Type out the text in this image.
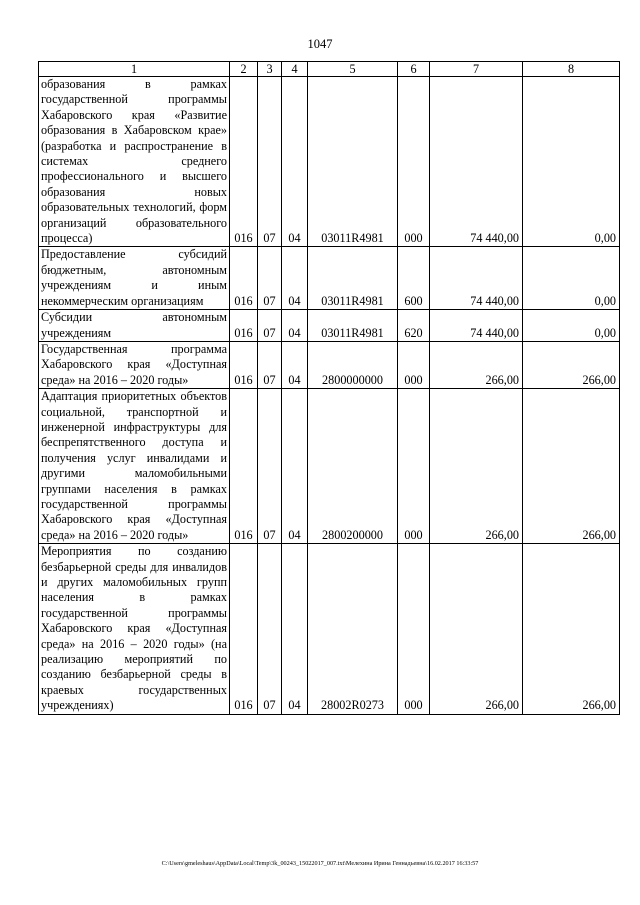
1047
1	2	3	4	5	6	7	8
образования в рамках государственной программы Хабаровского края «Развитие образования в Хабаровском крае» (разработка и распространение в системах среднего профессионального и высшего образования новых образовательных технологий, форм организаций образовательного процесса)	016	07	04	03011R4981	000	74 440,00	0,00
Предоставление субсидий бюджетным, автономным учреждениям и иным некоммерческим организациям	016	07	04	03011R4981	600	74 440,00	0,00
Субсидии автономным учреждениям	016	07	04	03011R4981	620	74 440,00	0,00
Государственная программа Хабаровского края «Доступная среда» на 2016 – 2020 годы»	016	07	04	2800000000	000	266,00	266,00
Адаптация приоритетных объектов социальной, транспортной и инженерной инфраструктуры для беспрепятственного доступа и получения услуг инвалидами и другими маломобильными группами населения в рамках государственной программы Хабаровского края «Доступная среда» на 2016 – 2020 годы»	016	07	04	2800200000	000	266,00	266,00
Мероприятия по созданию безбарьерной среды для инвалидов и других маломобильных групп населения в рамках государственной программы Хабаровского края «Доступная среда» на 2016 – 2020 годы» (на реализацию мероприятий по созданию безбарьерной среды в краевых государственных учреждениях)	016	07	04	28002R0273	000	266,00	266,00
C:\Users\gmeleshaus\AppData\Local\Temp\3k_00243_15022017_007.txt\Мелехина Ирина Геннадьевна\16.02.2017 16:33:57
